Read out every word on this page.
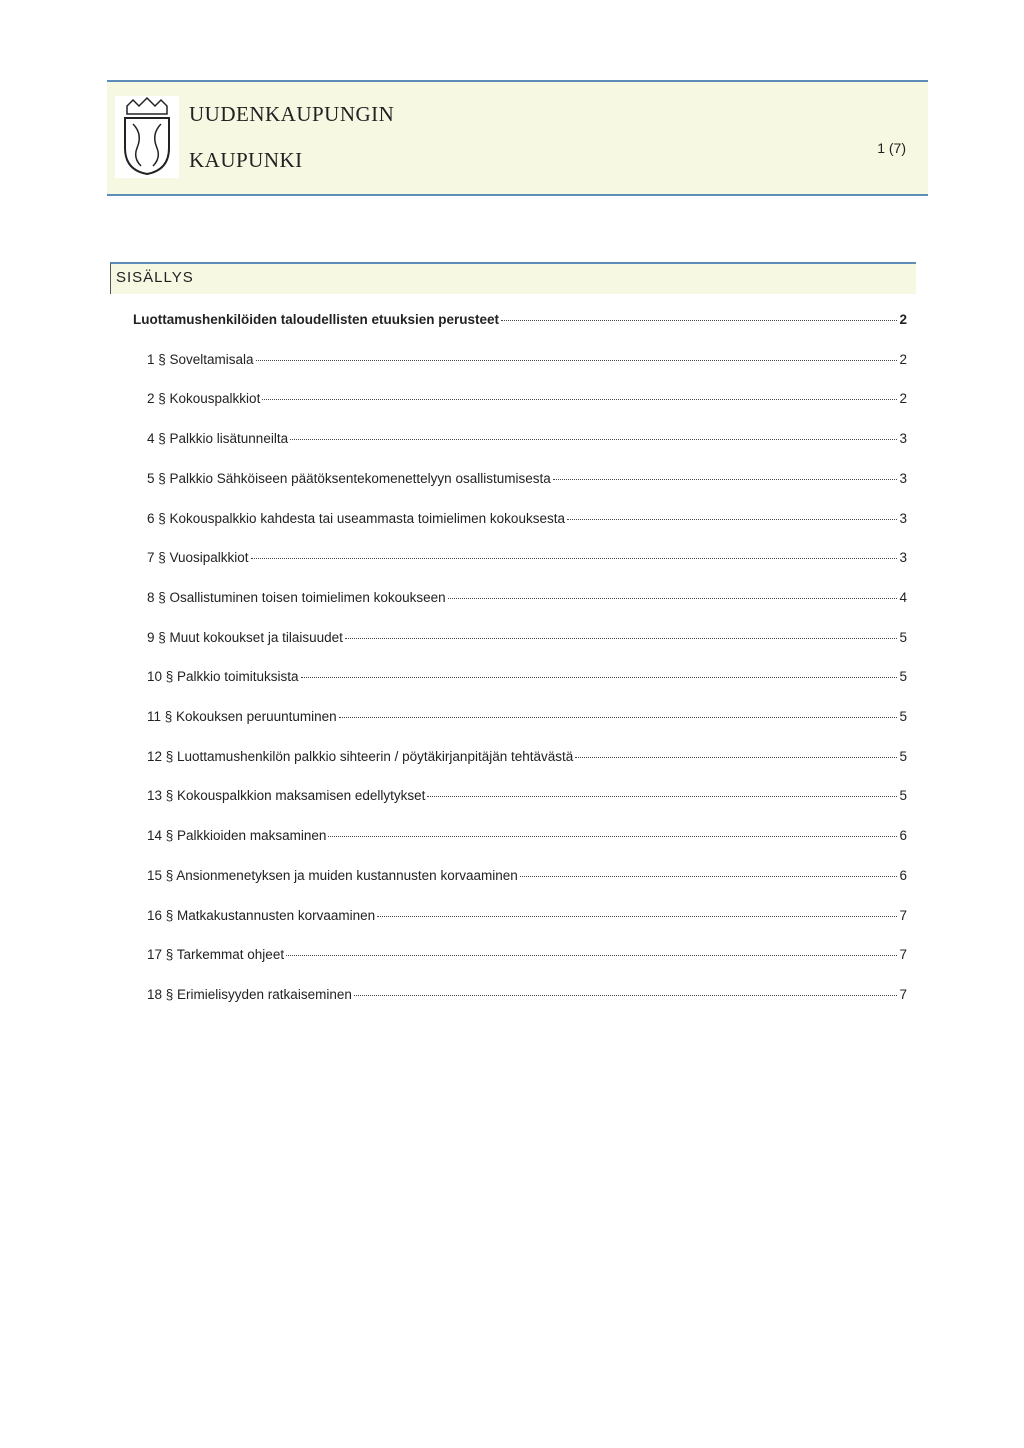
UUDENKAUPUNGIN
KAUPUNKI	1 (7)
SISÄLLYS
Luottamushenkilöiden taloudellisten etuuksien perusteet	2
1 § Soveltamisala	2
2 § Kokouspalkkiot	2
4 § Palkkio lisätunneilta	3
5 § Palkkio Sähköiseen päätöksentekomenettelyyn osallistumisesta	3
6 § Kokouspalkkio kahdesta tai useammasta toimielimen kokouksesta	3
7 § Vuosipalkkiot	3
8 § Osallistuminen toisen toimielimen kokoukseen	4
9 § Muut kokoukset ja tilaisuudet	5
10 § Palkkio toimituksista	5
11 § Kokouksen peruuntuminen	5
12 § Luottamushenkilön palkkio sihteerin / pöytäkirjanpitäjän tehtävästä	5
13 § Kokouspalkkion maksamisen edellytykset	5
14 § Palkkioiden maksaminen	6
15 § Ansionmenetyksen ja muiden kustannusten korvaaminen	6
16 § Matkakustannusten korvaaminen	7
17 § Tarkemmat ohjeet	7
18 § Erimielisyyden ratkaiseminen	7
